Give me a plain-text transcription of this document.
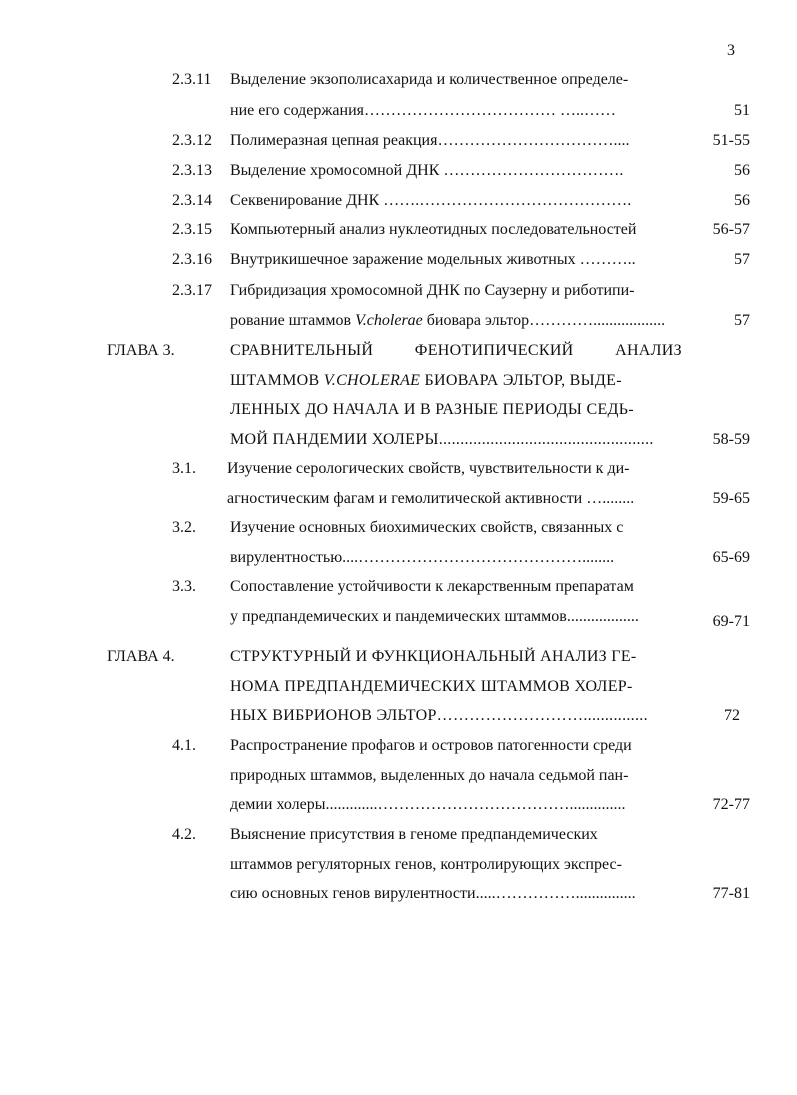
3
2.3.11 Выделение экзополисахарида и количественное определе-
ние его содержания……………………………… …..……	51
2.3.12 Полимеразная цепная реакция……………………………....	51-55
2.3.13 Выделение хромосомной ДНК …………………………….	56
2.3.14 Секвенирование ДНК …….………………………………….	56
2.3.15 Компьютерный анализ нуклеотидных последовательностей	56-57
2.3.16 Внутрикишечное заражение модельных животных ………..	57
2.3.17 Гибридизация хромосомной ДНК по Саузерну и риботипи-
рование штаммов V.cholerae биовара эльтор…………..................	57
ГЛАВА 3.	СРАВНИТЕЛЬНЫЙ	ФЕНОТИПИЧЕСКИЙ	АНАЛИЗ
ШТАММОВ V.CHOLERAE БИОВАРА ЭЛЬТОР, ВЫДЕ-
ЛЕННЫХ ДО НАЧАЛА И В РАЗНЫЕ ПЕРИОДЫ СЕДЬ-
МОЙ ПАНДЕМИИ ХОЛЕРЫ..................................................	58-59
3.1. Изучение серологических свойств, чувствительности к ди-
агностическим фагам и гемолитической активности …........	59-65
3.2. Изучение основных биохимических свойств, связанных с
вирулентностью....……………………………………........	65-69
3.3. Сопоставление устойчивости к лекарственным препаратам
у предпандемических и пандемических штаммов..................	69-71
ГЛАВА 4.	СТРУКТУРНЫЙ И ФУНКЦИОНАЛЬНЫЙ АНАЛИЗ ГЕ-
НОМА ПРЕДПАНДЕМИЧЕСКИХ ШТАММОВ ХОЛЕР-
НЫХ ВИБРИОНОВ ЭЛЬТОР………………………...............	72
4.1. Распространение профагов и островов патогенности среди
природных штаммов, выделенных до начала седьмой пан-
демии холеры.............………………………………..............	72-77
4.2. Выяснение присутствия в геноме предпандемических
штаммов регуляторных генов, контролирующих экспрес-
сию основных генов вирулентности.....……………...............	77-81
